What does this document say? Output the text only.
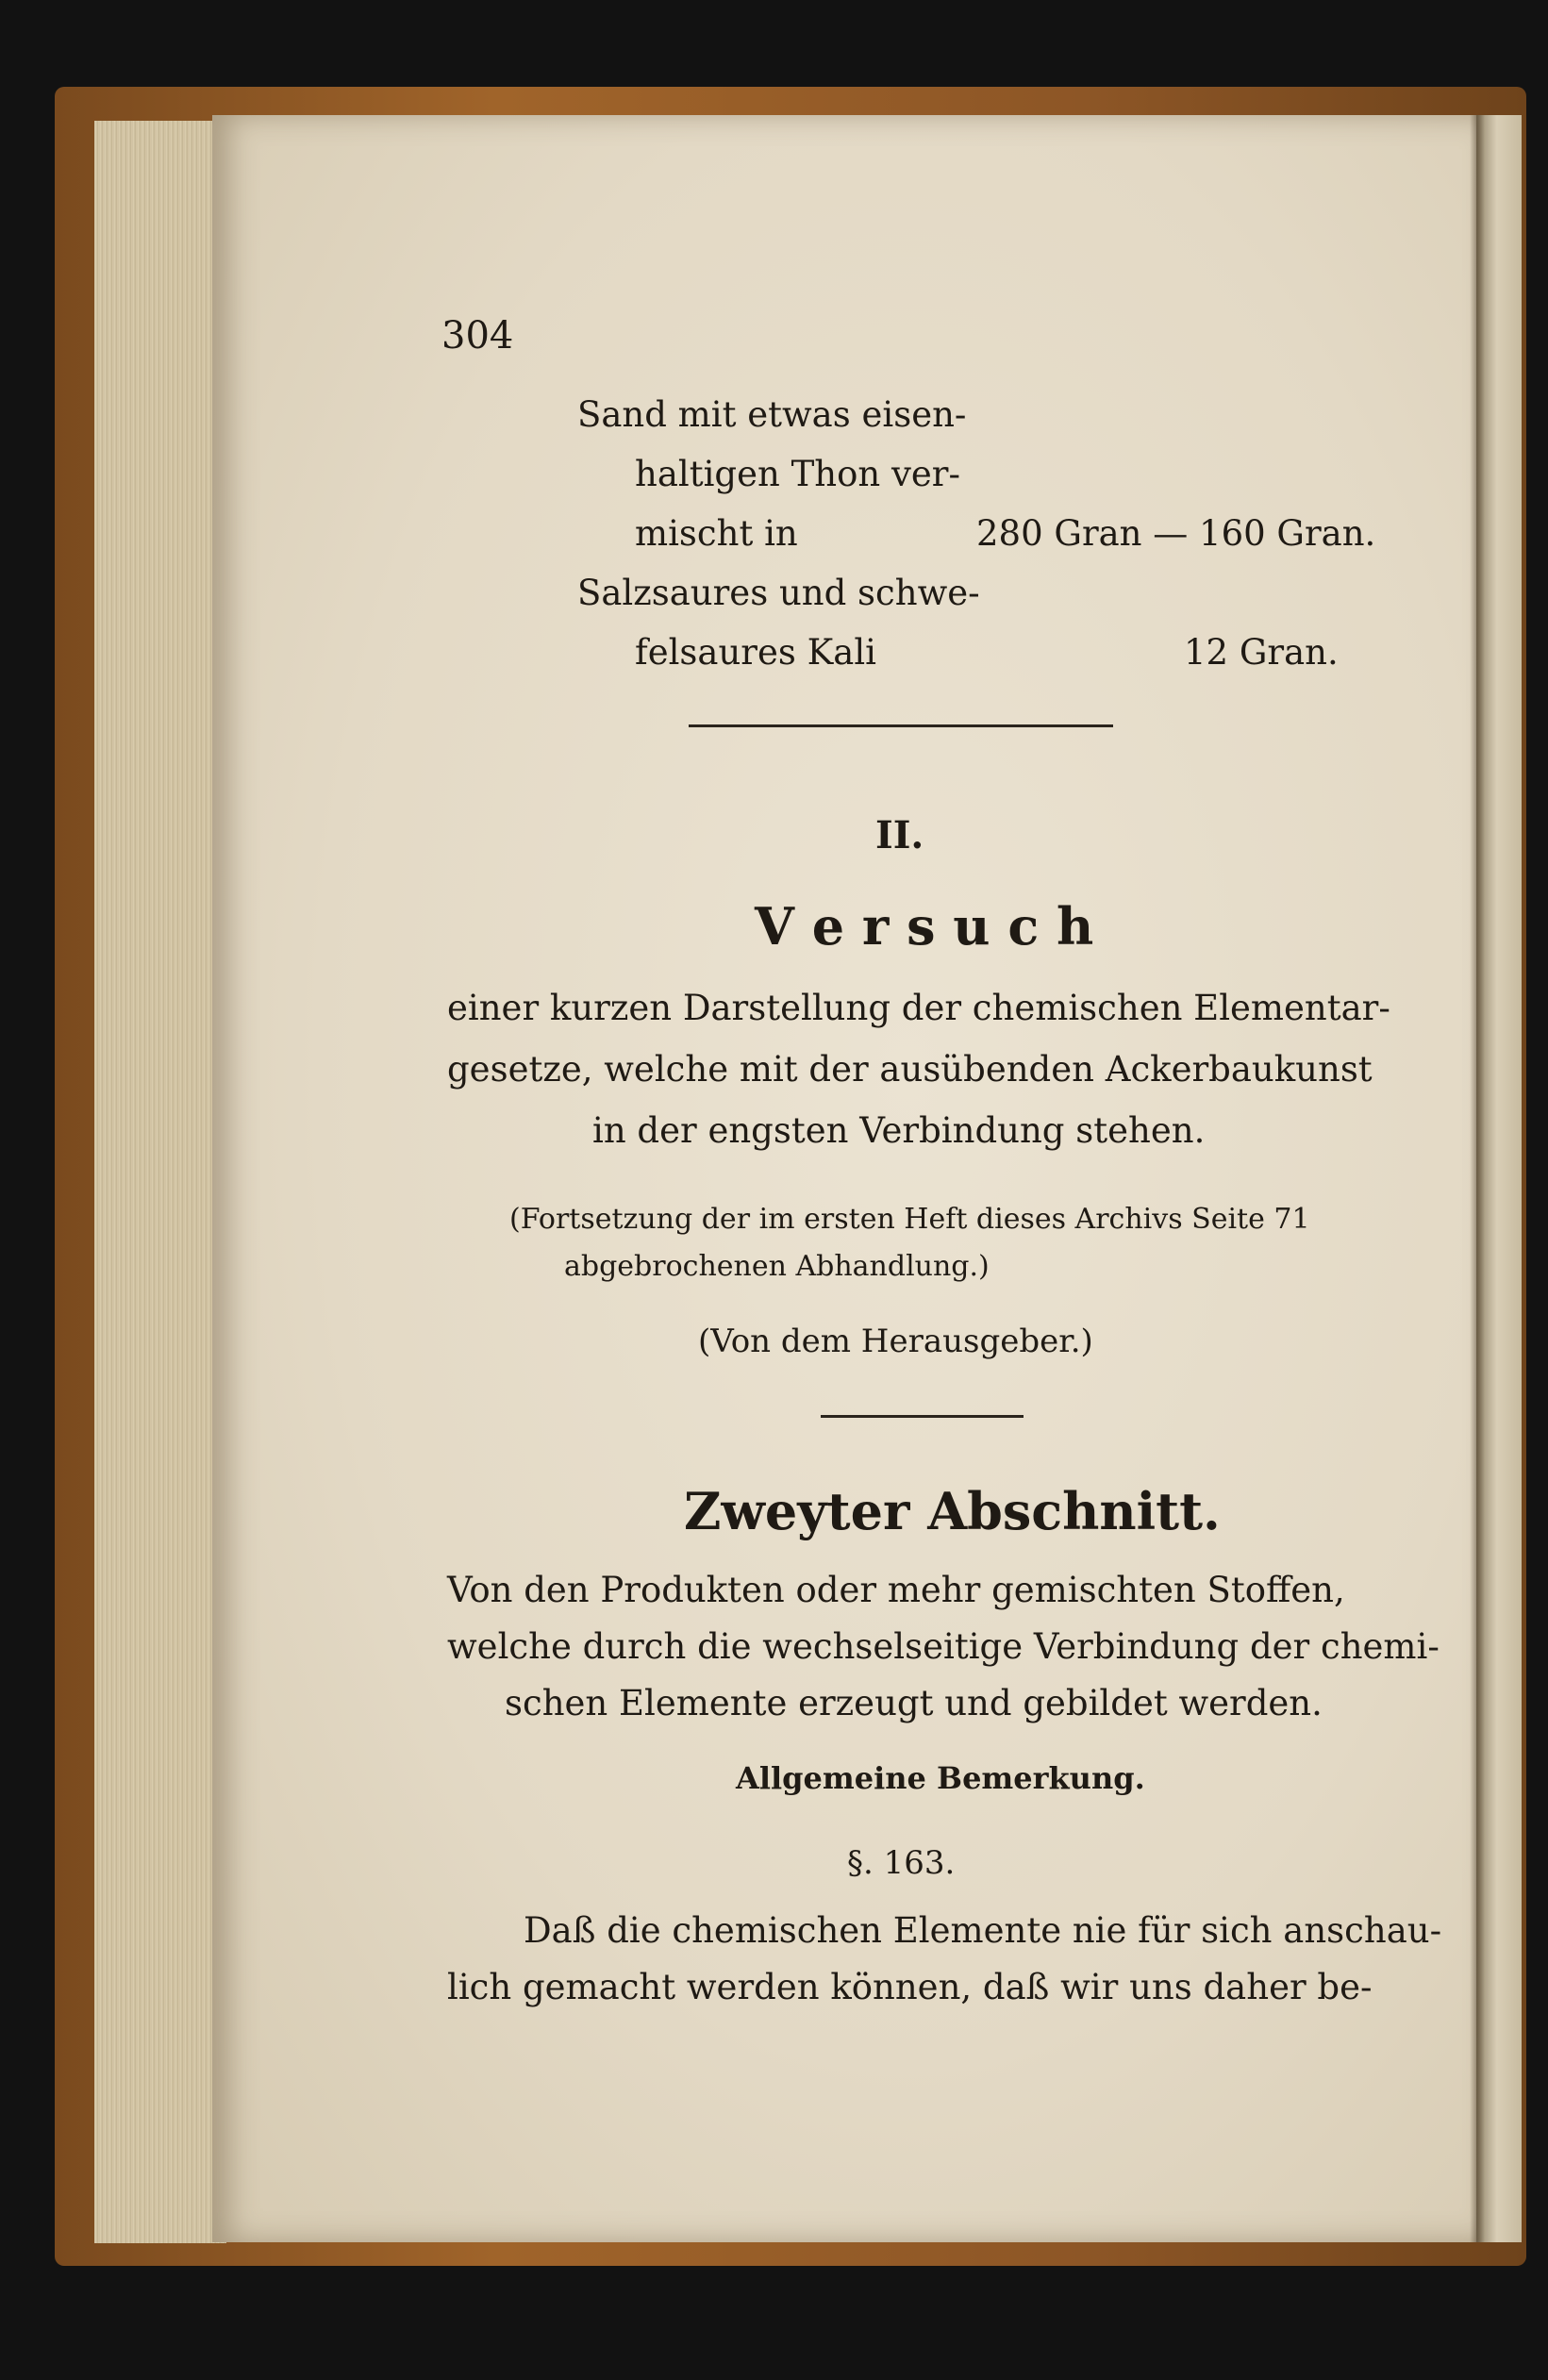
304

Sand mit etwas eisen-

haltigen Thon ver-

mischt in	280 Gran — 160 Gran.

Salzsaures und schwe-

felsaures Kali	12 Gran.

II.

V e r s u c h

einer kurzen Darstellung der chemischen Elementar-

gesetze, welche mit der ausübenden Ackerbaukunst

in der engsten Verbindung stehen.

(Fortsetzung der im ersten Heft dieses Archivs Seite 71

abgebrochenen Abhandlung.)

(Von dem Herausgeber.)

Zweyter Abschnitt.

Von den Produkten oder mehr gemischten Stoffen,

welche durch die wechselseitige Verbindung der chemi-

schen Elemente erzeugt und gebildet werden.

Allgemeine Bemerkung.

§. 163.

Daß die chemischen Elemente nie für sich anschau-

lich gemacht werden können, daß wir uns daher be-
